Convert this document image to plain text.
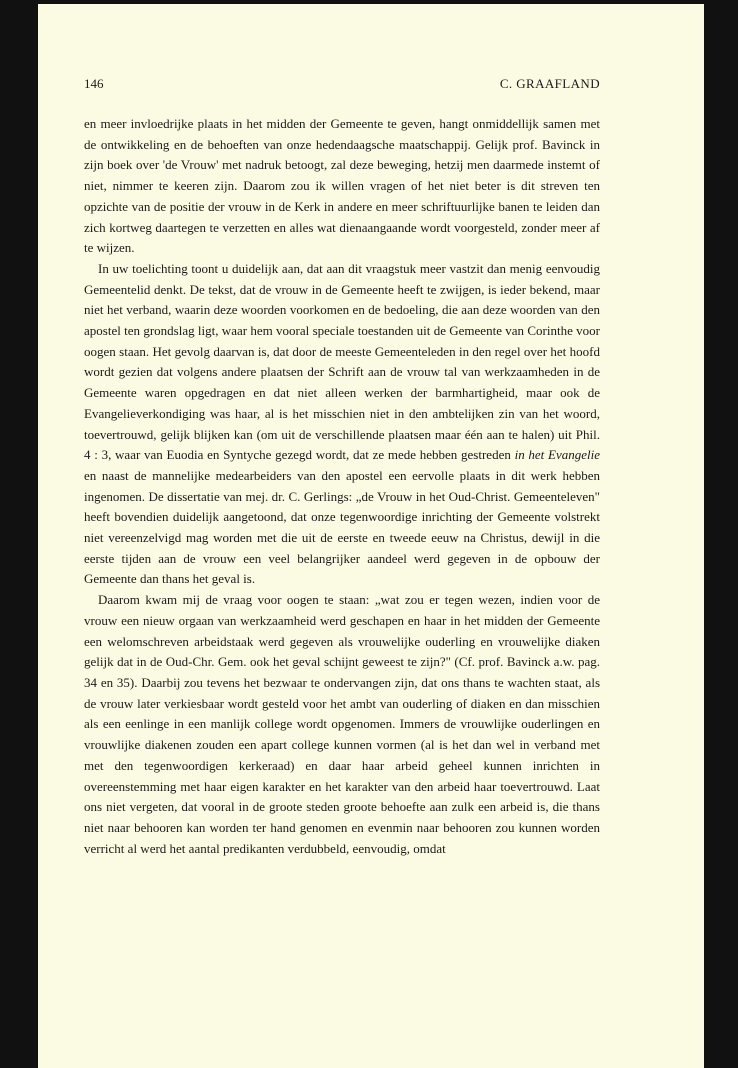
146	C. GRAAFLAND

en meer invloedrijke plaats in het midden der Gemeente te geven, hangt onmiddellijk samen met de ontwikkeling en de behoeften van onze hedendaagsche maatschappij. Gelijk prof. Bavinck in zijn boek over 'de Vrouw' met nadruk betoogt, zal deze beweging, hetzij men daarmede instemt of niet, nimmer te keeren zijn. Daarom zou ik willen vragen of het niet beter is dit streven ten opzichte van de positie der vrouw in de Kerk in andere en meer schriftuurlijke banen te leiden dan zich kortweg daartegen te verzetten en alles wat dienaangaande wordt voorgesteld, zonder meer af te wijzen.

In uw toelichting toont u duidelijk aan, dat aan dit vraagstuk meer vastzit dan menig eenvoudig Gemeentelid denkt. De tekst, dat de vrouw in de Gemeente heeft te zwijgen, is ieder bekend, maar niet het verband, waarin deze woorden voorkomen en de bedoeling, die aan deze woorden van den apostel ten grondslag ligt, waar hem vooral speciale toestanden uit de Gemeente van Corinthe voor oogen staan. Het gevolg daarvan is, dat door de meeste Gemeenteleden in den regel over het hoofd wordt gezien dat volgens andere plaatsen der Schrift aan de vrouw tal van werkzaamheden in de Gemeente waren opgedragen en dat niet alleen werken der barmhartigheid, maar ook de Evangelieverkondiging was haar, al is het misschien niet in den ambtelijken zin van het woord, toevertrouwd, gelijk blijken kan (om uit de verschillende plaatsen maar één aan te halen) uit Phil. 4 : 3, waar van Euodia en Syntyche gezegd wordt, dat ze mede hebben gestreden in het Evangelie en naast de mannelijke medearbeiders van den apostel een eervolle plaats in dit werk hebben ingenomen. De dissertatie van mej. dr. C. Gerlings: „de Vrouw in het Oud-Christ. Gemeenteleven" heeft bovendien duidelijk aangetoond, dat onze tegenwoordige inrichting der Gemeente volstrekt niet vereenzelvigd mag worden met die uit de eerste en tweede eeuw na Christus, dewijl in die eerste tijden aan de vrouw een veel belangrijker aandeel werd gegeven in de opbouw der Gemeente dan thans het geval is.

Daarom kwam mij de vraag voor oogen te staan: „wat zou er tegen wezen, indien voor de vrouw een nieuw orgaan van werkzaamheid werd geschapen en haar in het midden der Gemeente een welomschreven arbeidstaak werd gegeven als vrouwelijke ouderling en vrouwelijke diaken gelijk dat in de Oud-Chr. Gem. ook het geval schijnt geweest te zijn?" (Cf. prof. Bavinck a.w. pag. 34 en 35). Daarbij zou tevens het bezwaar te ondervangen zijn, dat ons thans te wachten staat, als de vrouw later verkiesbaar wordt gesteld voor het ambt van ouderling of diaken en dan misschien als een eenlinge in een manlijk college wordt opgenomen. Immers de vrouwlijke ouderlingen en vrouwlijke diakenen zouden een apart college kunnen vormen (al is het dan wel in verband met met den tegenwoordigen kerkeraad) en daar haar arbeid geheel kunnen inrichten in overeenstemming met haar eigen karakter en het karakter van den arbeid haar toevertrouwd. Laat ons niet vergeten, dat vooral in de groote steden groote behoefte aan zulk een arbeid is, die thans niet naar behooren kan worden ter hand genomen en evenmin naar behooren zou kunnen worden verricht al werd het aantal predikanten verdubbeld, eenvoudig, omdat
